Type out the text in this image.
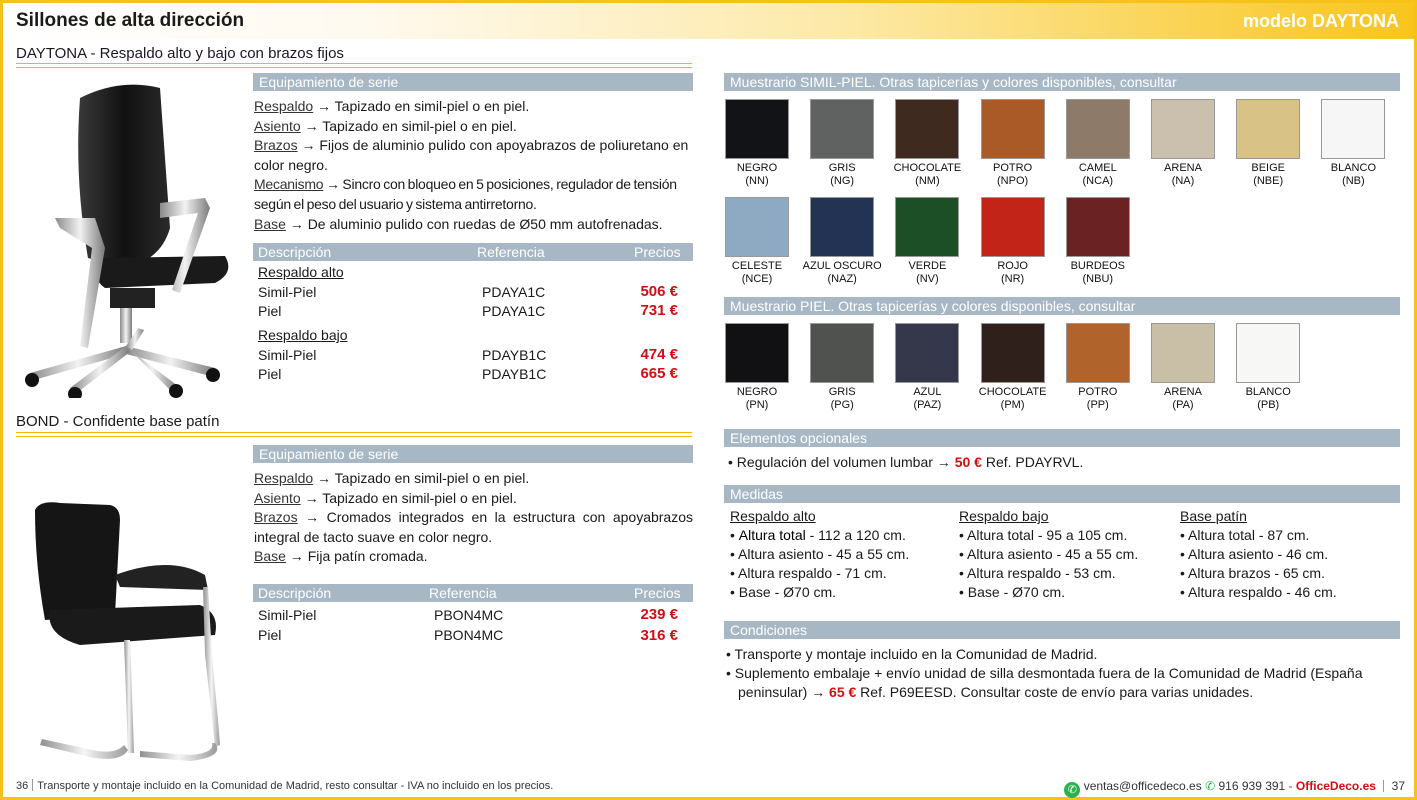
Sillones de alta dirección	modelo DAYTONA
DAYTONA - Respaldo alto y bajo con brazos fijos
Equipamiento de serie
Respaldo → Tapizado en simil-piel o en piel.
Asiento → Tapizado en simil-piel o en piel.
Brazos → Fijos de aluminio pulido con apoyabrazos de poliuretano en color negro.
Mecanismo → Sincro con bloqueo en 5 posiciones, regulador de tensión según el peso del usuario y sistema antirretorno.
Base → De aluminio pulido con ruedas de Ø50 mm autofrenadas.
Descripción	Referencia	Precios
Respaldo alto
Simil-Piel	PDAYA1C	506 €
Piel	PDAYA1C	731 €
Respaldo bajo
Simil-Piel	PDAYB1C	474 €
Piel	PDAYB1C	665 €
BOND - Confidente base patín
Equipamiento de serie
Respaldo → Tapizado en simil-piel o en piel.
Asiento → Tapizado en simil-piel o en piel.
Brazos → Cromados integrados en la estructura con apoyabrazos integral de tacto suave en color negro.
Base → Fija patín cromada.
Descripción	Referencia	Precios
Simil-Piel	PBON4MC	239 €
Piel	PBON4MC	316 €
Muestrario SIMIL-PIEL. Otras tapicerías y colores disponibles, consultar
NEGRO
(NN)
GRIS
(NG)
CHOCOLATE
(NM)
POTRO
(NPO)
CAMEL
(NCA)
ARENA
(NA)
BEIGE
(NBE)
BLANCO
(NB)
CELESTE
(NCE)
AZUL OSCURO
(NAZ)
VERDE
(NV)
ROJO
(NR)
BURDEOS
(NBU)
Muestrario PIEL. Otras tapicerías y colores disponibles, consultar
NEGRO
(PN)
GRIS
(PG)
AZUL
(PAZ)
CHOCOLATE
(PM)
POTRO
(PP)
ARENA
(PA)
BLANCO
(PB)
Elementos opcionales
• Regulación del volumen lumbar → 50 € Ref. PDAYRVL.
Medidas
Respaldo alto
• Altura total - 112 a 120 cm.
• Altura asiento - 45 a 55 cm.
• Altura respaldo - 71 cm.
• Base - Ø70 cm.
Respaldo bajo
• Altura total - 95 a 105 cm.
• Altura asiento - 45 a 55 cm.
• Altura respaldo - 53 cm.
• Base - Ø70 cm.
Base patín
• Altura total - 87 cm.
• Altura asiento - 46 cm.
• Altura brazos - 65 cm.
• Altura respaldo - 46 cm.
Condiciones
• Transporte y montaje incluido en la Comunidad de Madrid.
• Suplemento embalaje + envío unidad de silla desmontada fuera de la Comunidad de Madrid (España
peninsular) → 65 € Ref. P69EESD. Consultar coste de envío para varias unidades.
36 Transporte y montaje incluido en la Comunidad de Madrid, resto consultar - IVA no incluido en los precios.	✆ ventas@officedeco.es ✆ 916 939 391 - OfficeDeco.es 37
